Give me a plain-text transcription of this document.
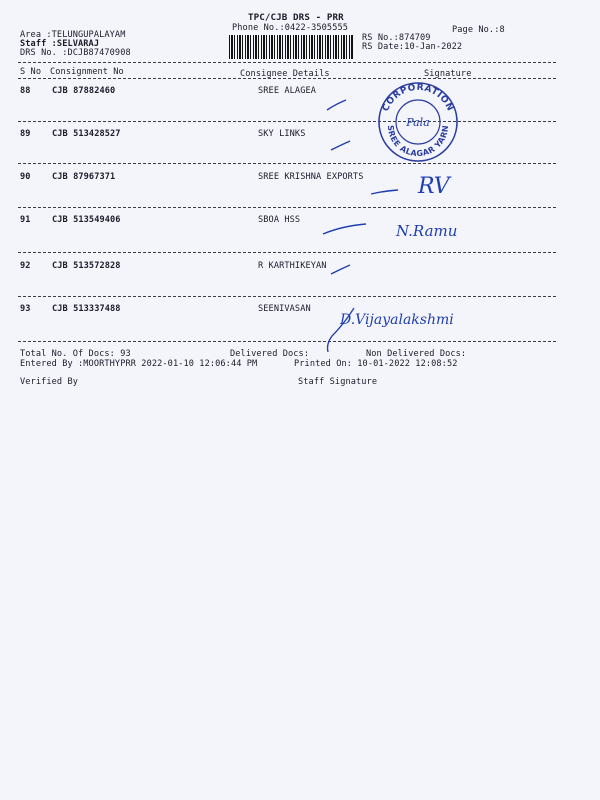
TPC/CJB DRS - PRR
Phone No.:0422-3505555	Page No.:8
Area :TELUNGUPALAYAM
Staff :SELVARAJ
DRS No. :DCJB87470908
RS No.:874709
RS Date:10-Jan-2022
S No Consignment No	Consignee Details	Signature
88 CJB 87882460	SREE ALAGEA
89 CJB 513428527	SKY LINKS
90 CJB 87967371	SREE KRISHNA EXPORTS
91 CJB 513549406	SBOA HSS
92 CJB 513572828	R KARTHIKEYAN
93 CJB 513337488	SEENIVASAN
CORPORATION
SREE ALAGAR YARN
Pala
RV
N.Ramu
D.Vijayalakshmi
Total No. Of Docs: 93	Delivered Docs:	Non Delivered Docs:
Entered By :MOORTHYPRR 2022-01-10 12:06:44 PM	Printed On: 10-01-2022 12:08:52
Verified By	Staff Signature
